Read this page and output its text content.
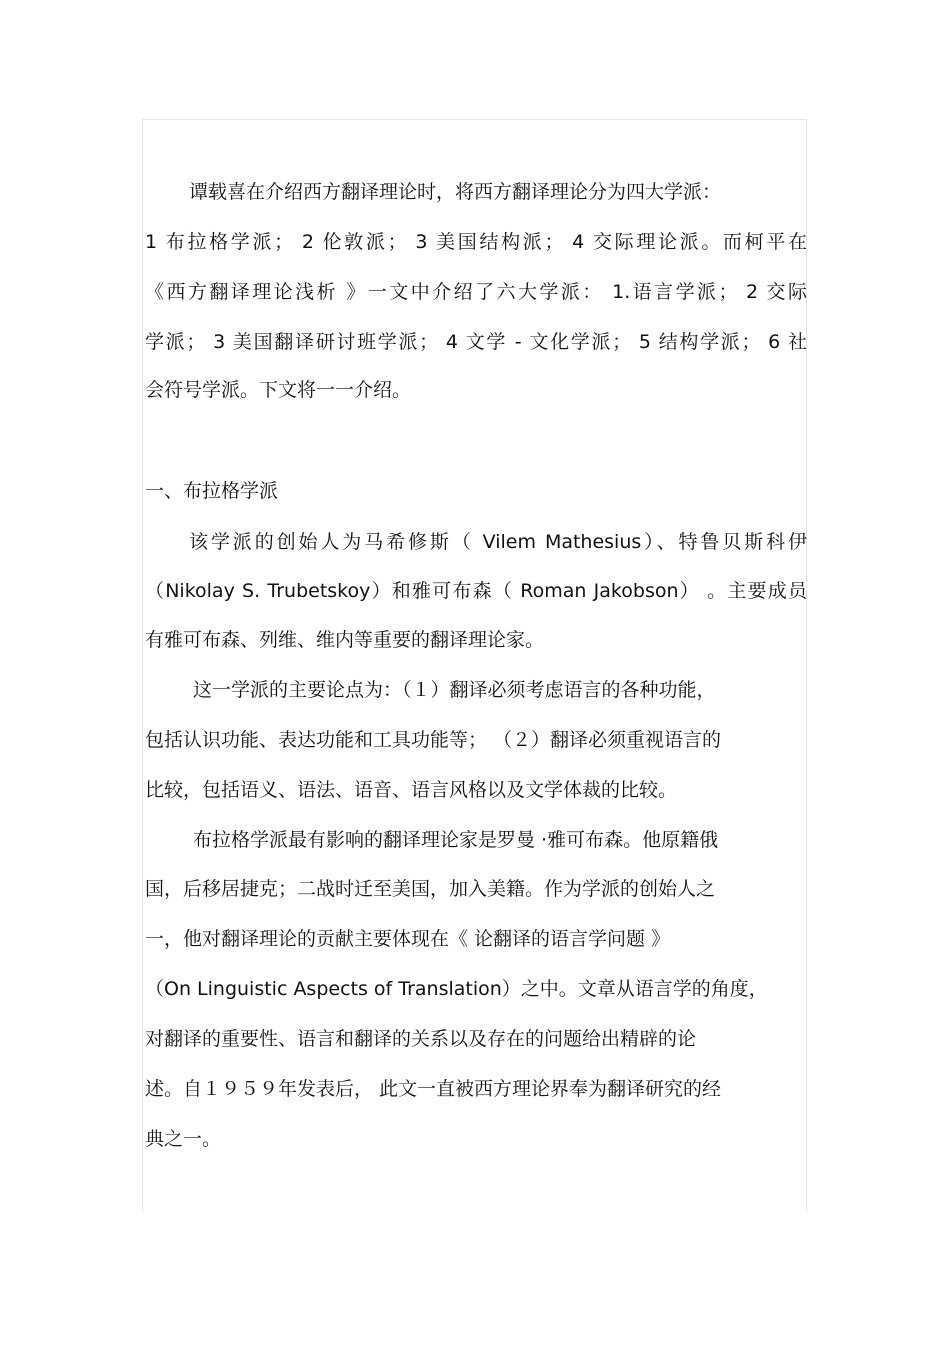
谭载喜在介绍西方翻译理论时，将西方翻译理论分为四大学派：
1 布拉格学派； 2 伦敦派； 3 美国结构派； 4 交际理论派。而柯平在
《西方翻译理论浅析 》一文中介绍了六大学派： 1.语言学派； 2 交际
学派； 3 美国翻译研讨班学派； 4 文学 - 文化学派； 5 结构学派； 6 社
会符号学派。下文将一一介绍。
一、布拉格学派
该学派的创始人为马希修斯（ Vilem Mathesius）、特鲁贝斯科伊
（Nikolay S. Trubetskoy）和雅可布森（ Roman Jakobson） 。主要成员
有雅可布森、列维、维内等重要的翻译理论家。
这一学派的主要论点为：（１）翻译必须考虑语言的各种功能，
包括认识功能、表达功能和工具功能等； （２）翻译必须重视语言的
比较，包括语义、语法、语音、语言风格以及文学体裁的比较。
布拉格学派最有影响的翻译理论家是罗曼 ·雅可布森。他原籍俄
国，后移居捷克；二战时迁至美国，加入美籍。作为学派的创始人之
一，他对翻译理论的贡献主要体现在《 论翻译的语言学问题 》
（On Linguistic Aspects of Translation）之中。文章从语言学的角度，
对翻译的重要性、语言和翻译的关系以及存在的问题给出精辟的论
述。自１９５９年发表后， 此文一直被西方理论界奉为翻译研究的经
典之一。
